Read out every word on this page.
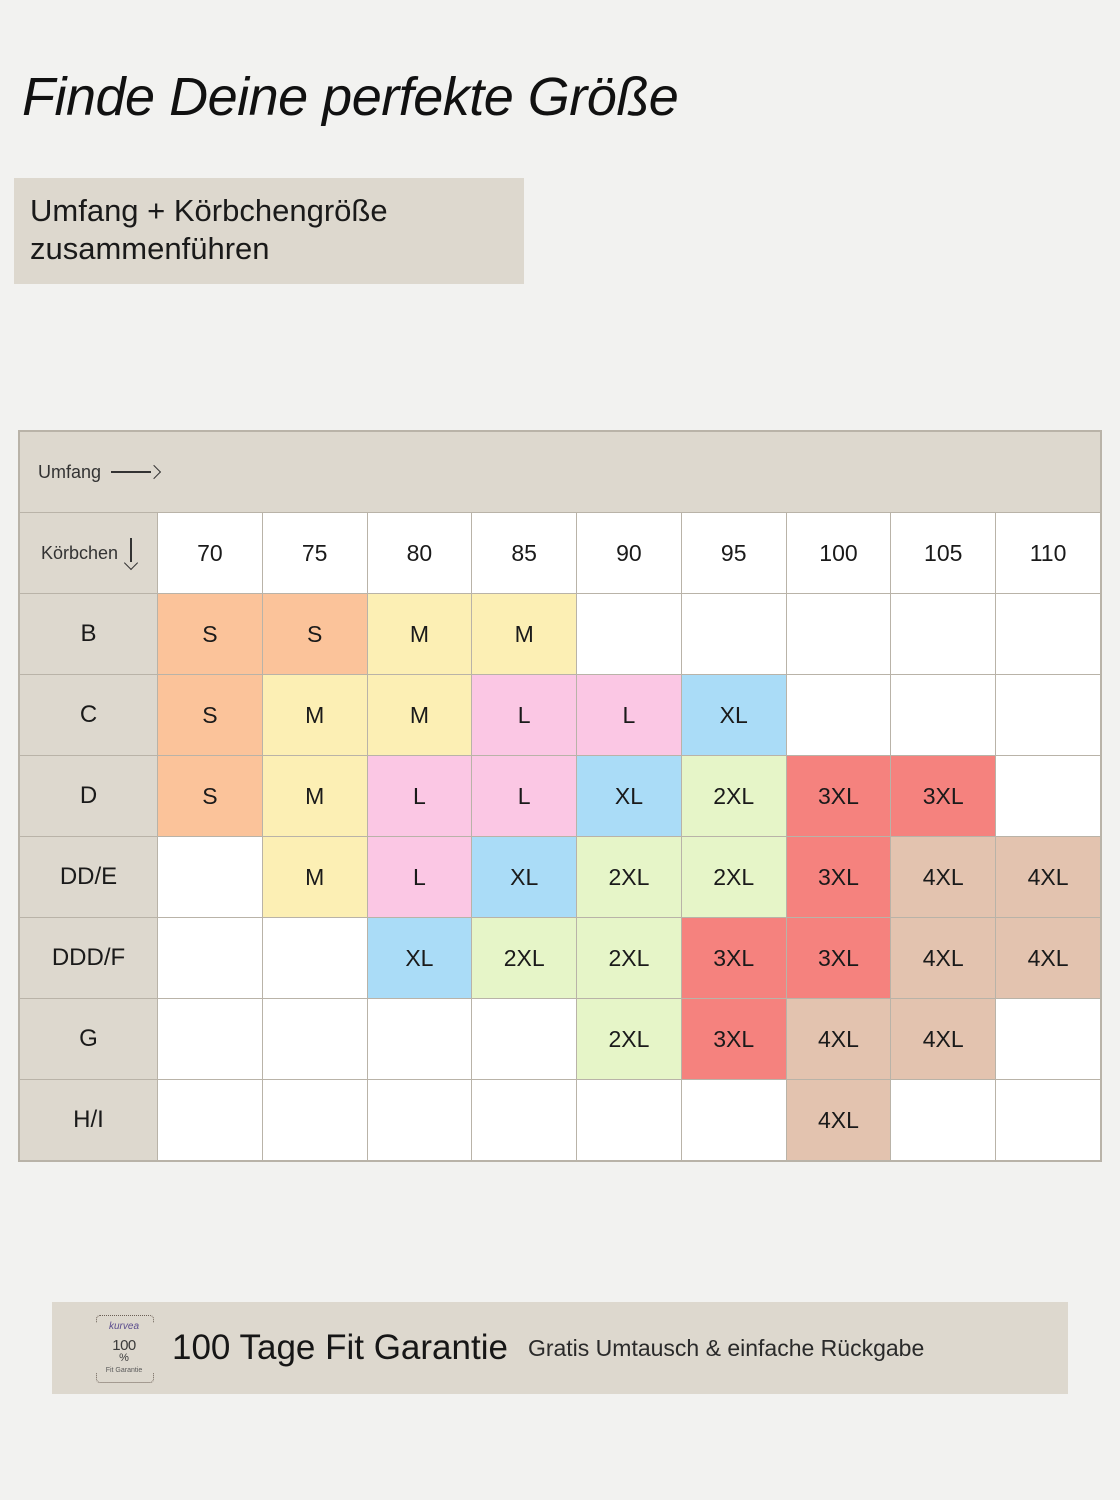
Finde Deine perfekte Größe
Umfang + Körbchengröße
zusammenführen
Umfang									

Körbchen	70	75	80	85	90	95	100	105	110
B	S	S	M	M					
C	S	M	M	L	L	XL			
D	S	M	L	L	XL	2XL	3XL	3XL	
DD/E		M	L	XL	2XL	2XL	3XL	4XL	4XL
DDD/F			XL	2XL	2XL	3XL	3XL	4XL	4XL
G					2XL	3XL	4XL	4XL	
H/I							4XL		
kurvea
100
%
Fit Garantie
100 Tage Fit Garantie Gratis Umtausch & einfache Rückgabe
